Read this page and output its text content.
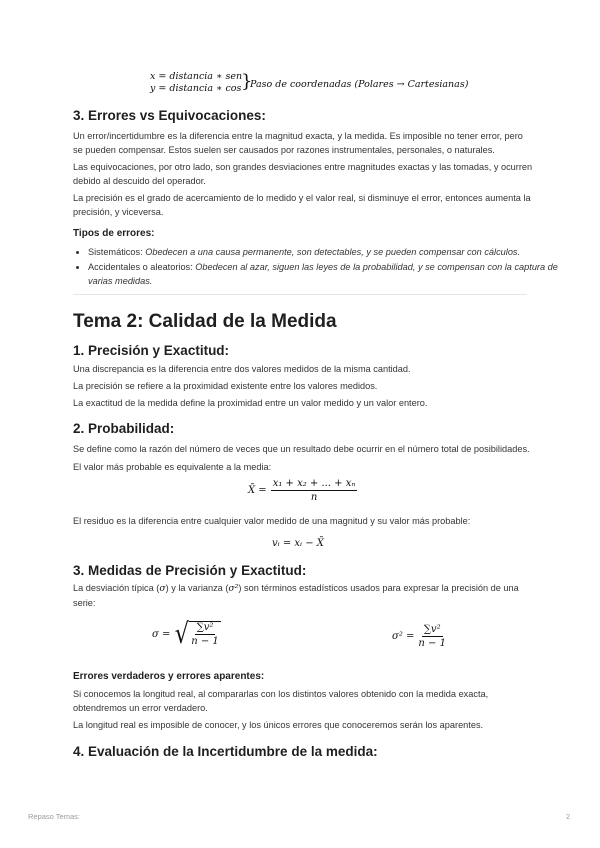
x = distancia ∗ sen
y = distancia ∗ cos }
Paso de coordenadas (Polares → Cartesianas)
3. Errores vs Equivocaciones:

Un error/incertidumbre es la diferencia entre la magnitud exacta, y la medida. Es imposible no tener error, pero se pueden compensar. Estos suelen ser causados por razones instrumentales, personales, o naturales.

Las equivocaciones, por otro lado, son grandes desviaciones entre magnitudes exactas y las tomadas, y ocurren debido al descuido del operador.

La precisión es el grado de acercamiento de lo medido y el valor real, si disminuye el error, entonces aumenta la precisión, y viceversa.

Tipos de errores:
• Sistemáticos: Obedecen a una causa permanente, son detectables, y se pueden compensar con cálculos.
• Accidentales o aleatorios: Obedecen al azar, siguen las leyes de la probabilidad, y se compensan con la captura de varias medidas.
Tema 2: Calidad de la Medida
1. Precisión y Exactitud:

Una discrepancia es la diferencia entre dos valores medidos de la misma cantidad.

La precisión se refiere a la proximidad existente entre los valores medidos.

La exactitud de la medida define la proximidad entre un valor medido y un valor entero.

2. Probabilidad:

Se define como la razón del número de veces que un resultado debe ocurrir en el número total de posibilidades.

El valor más probable es equivalente a la media:

X̄ = $\frac{\text{x₁ + x₂ + ... + xₙ}}{n}$

El residuo es la diferencia entre cualquier valor medido de una magnitud y su valor más probable:

vᵢ = xᵢ − X̄
3. Medidas de Precisión y Exactitud:

La desviación típica (σ) y la varianza (σ²) son términos estadísticos usados para expresar la precisión de una serie:

σ = √ $\frac{\text{∑v²}}{n - 1}$	$\sigma^2 = \frac{\text{∑v²}}{n - 1}$
Errores verdaderos y errores aparentes:

Si conocemos la longitud real, al compararlas con los distintos valores obtenido con la medida exacta, obtendremos un error verdadero.

La longitud real es imposible de conocer, y los únicos errores que conoceremos serán los aparentes.

4. Evaluación de la Incertidumbre de la medida:
Repaso Temas:	2
